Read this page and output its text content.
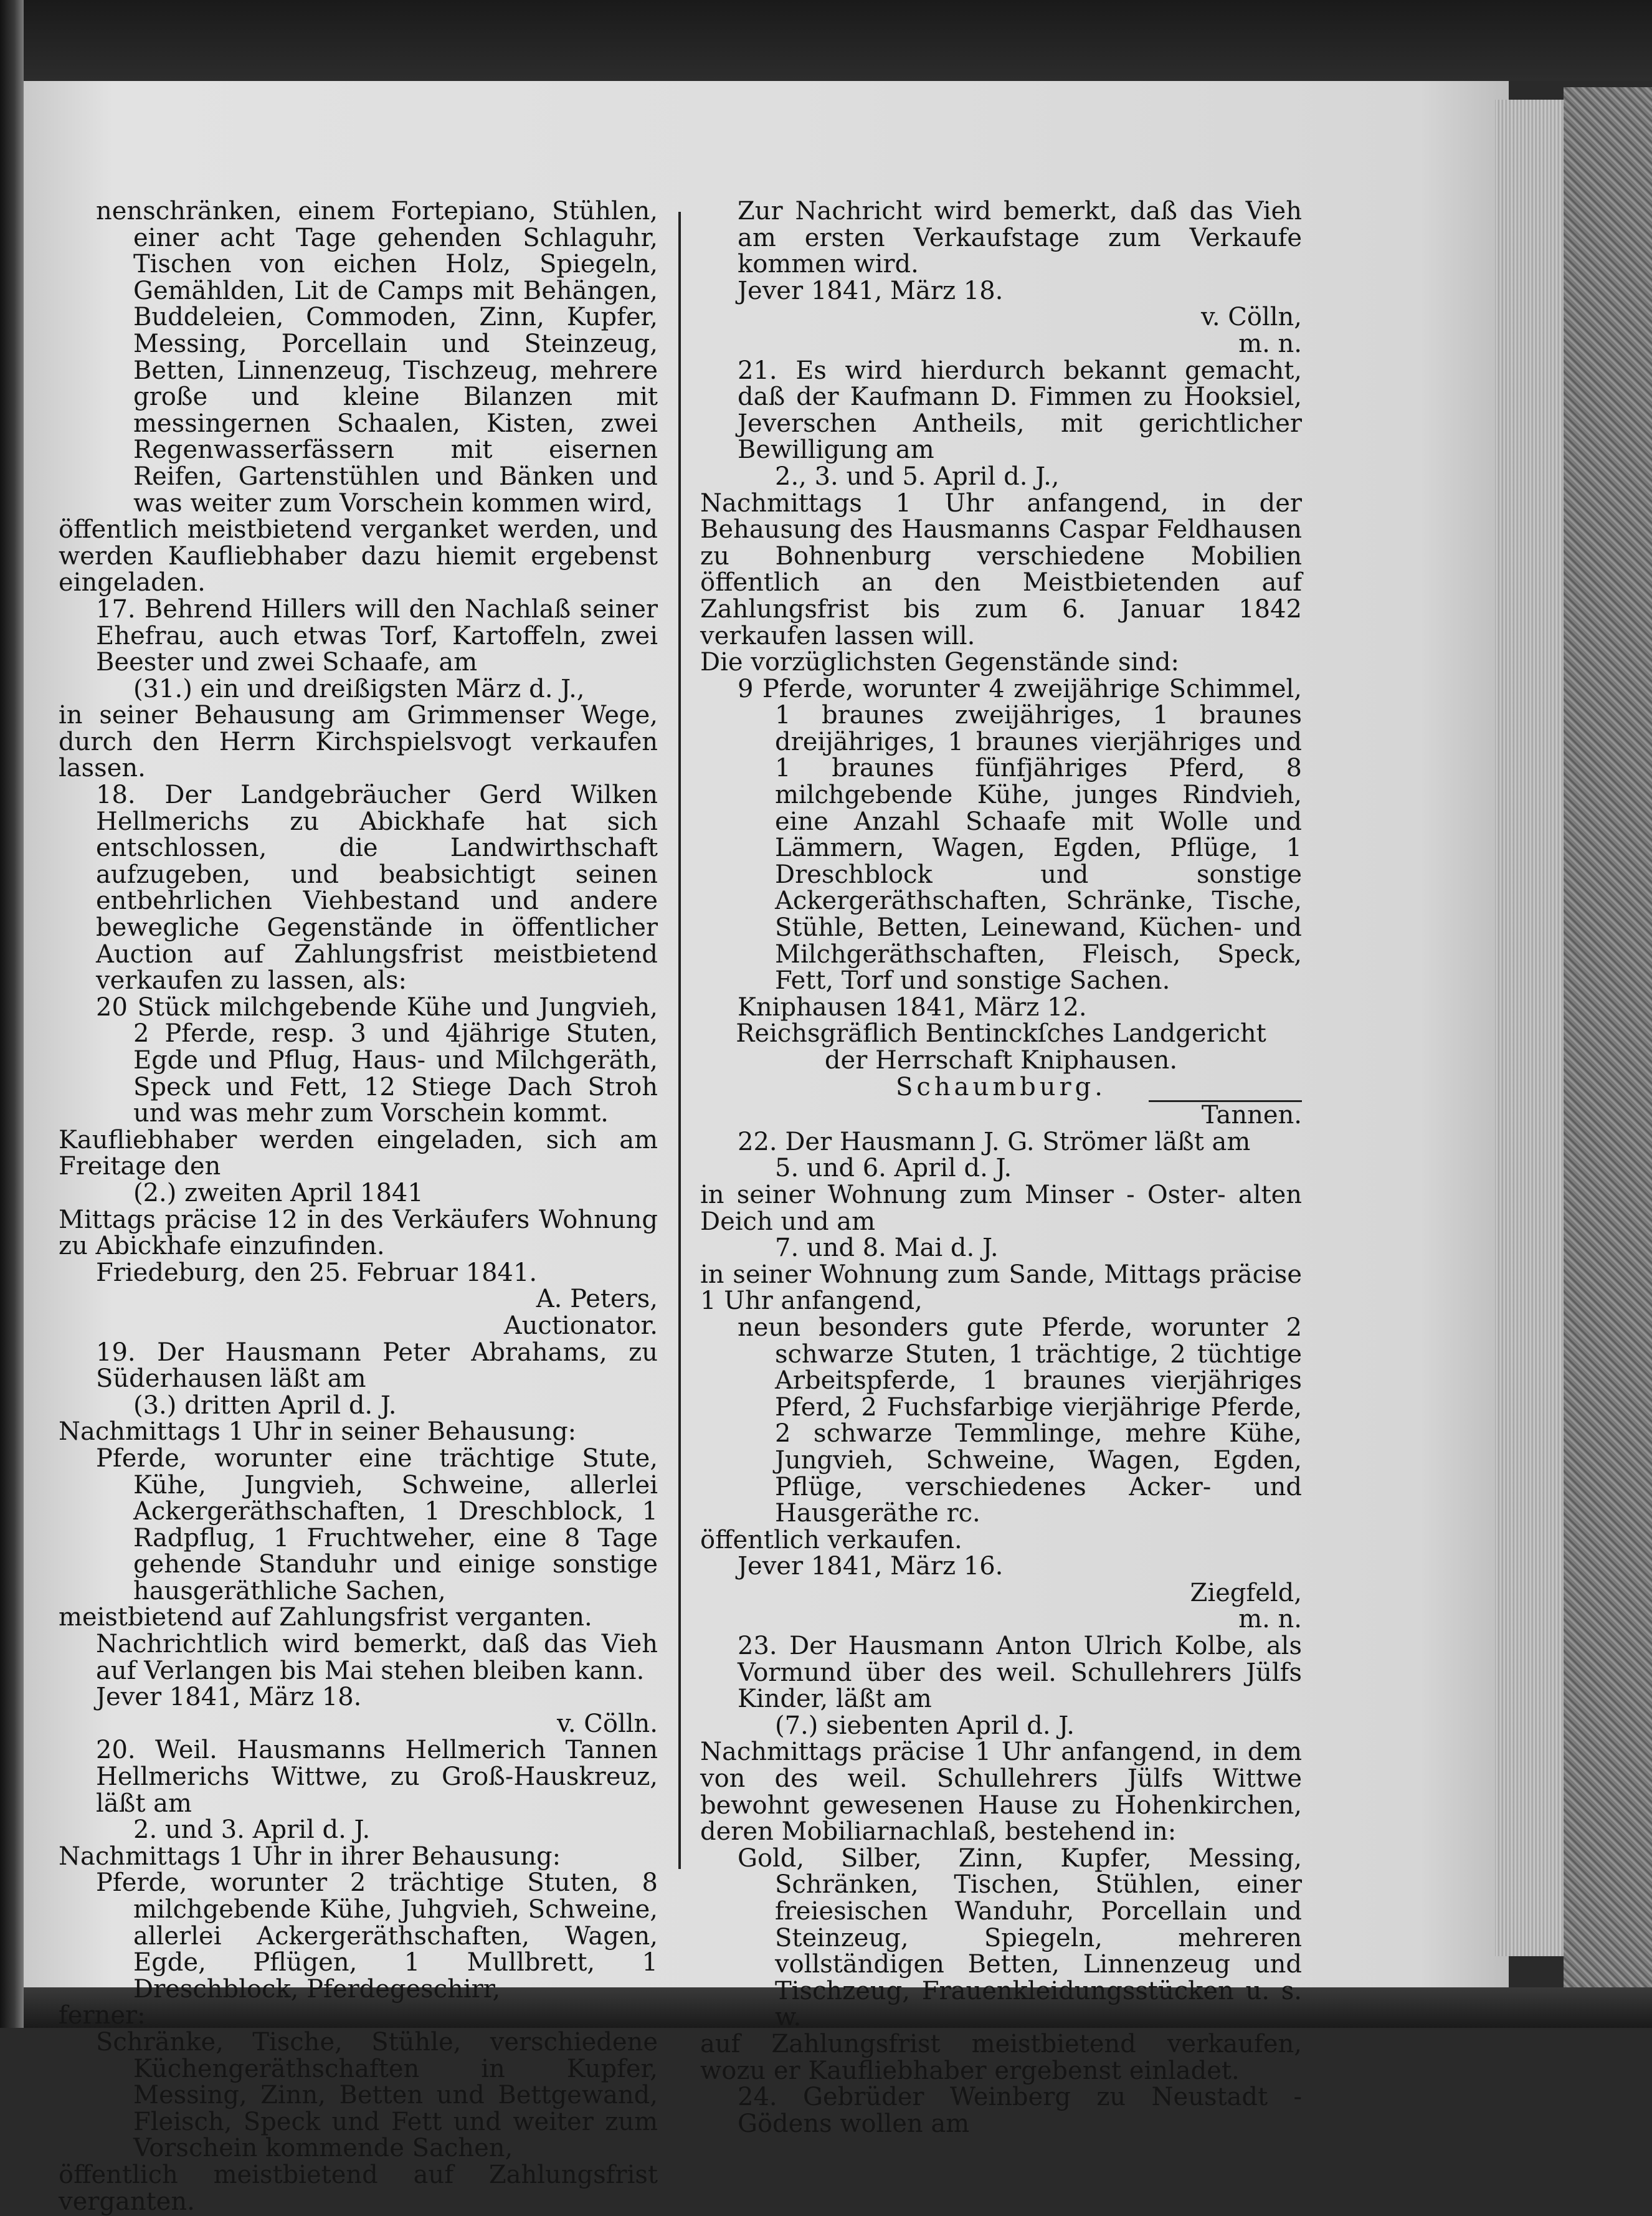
nenschränken, einem Fortepiano, Stühlen, einer acht Tage gehenden Schlaguhr, Tischen von eichen Holz, Spiegeln, Gemählden, Lit de Camps mit Behängen, Buddeleien, Commoden, Zinn, Kupfer, Messing, Porcellain und Steinzeug, Betten, Linnenzeug, Tischzeug, mehrere große und kleine Bilanzen mit messingernen Schaalen, Kisten, zwei Regenwasserfässern mit eisernen Reifen, Gartenstühlen und Bänken und was weiter zum Vorschein kommen wird,

öffentlich meistbietend verganket werden, und werden Kaufliebhaber dazu hiemit ergebenst eingeladen.

17. Behrend Hillers will den Nachlaß seiner Ehefrau, auch etwas Torf, Kartoffeln, zwei Beester und zwei Schaafe, am

(31.) ein und dreißigsten März d. J.,

in seiner Behausung am Grimmenser Wege, durch den Herrn Kirchspielsvogt verkaufen lassen.

18. Der Landgebräucher Gerd Wilken Hellmerichs zu Abickhafe hat sich entschlossen, die Landwirthschaft aufzugeben, und beabsichtigt seinen entbehrlichen Viehbestand und andere bewegliche Gegenstände in öffentlicher Auction auf Zahlungsfrist meistbietend verkaufen zu lassen, als:

20 Stück milchgebende Kühe und Jungvieh, 2 Pferde, resp. 3 und 4jährige Stuten, Egde und Pflug, Haus- und Milchgeräth, Speck und Fett, 12 Stiege Dach Stroh und was mehr zum Vorschein kommt.

Kaufliebhaber werden eingeladen, sich am Freitage den

(2.) zweiten April 1841

Mittags präcise 12 in des Verkäufers Wohnung zu Abickhafe einzufinden.

Friedeburg, den 25. Februar 1841.

A. Peters,

Auctionator.

19. Der Hausmann Peter Abrahams, zu Süderhausen läßt am

(3.) dritten April d. J.

Nachmittags 1 Uhr in seiner Behausung:

Pferde, worunter eine trächtige Stute, Kühe, Jungvieh, Schweine, allerlei Ackergeräthschaften, 1 Dreschblock, 1 Radpflug, 1 Fruchtweher, eine 8 Tage gehende Standuhr und einige sonstige hausgeräthliche Sachen,

meistbietend auf Zahlungsfrist verganten.

Nachrichtlich wird bemerkt, daß das Vieh auf Verlangen bis Mai stehen bleiben kann.

Jever 1841, März 18.

v. Cölln.

20. Weil. Hausmanns Hellmerich Tannen Hellmerichs Wittwe, zu Groß-Hauskreuz, läßt am

2. und 3. April d. J.

Nachmittags 1 Uhr in ihrer Behausung:

Pferde, worunter 2 trächtige Stuten, 8 milchgebende Kühe, Juhgvieh, Schweine, allerlei Ackergeräthschaften, Wagen, Egde, Pflügen, 1 Mullbrett, 1 Dreschblock, Pferdegeschirr,

ferner:

Schränke, Tische, Stühle, verschiedene Küchengeräthschaften in Kupfer, Messing, Zinn, Betten und Bettgewand, Fleisch, Speck und Fett und weiter zum Vorschein kommende Sachen,

öffentlich meistbietend auf Zahlungsfrist verganten.

Zur Nachricht wird bemerkt, daß das Vieh am ersten Verkaufstage zum Verkaufe kommen wird.

Jever 1841, März 18.

v. Cölln,

m. n.

21. Es wird hierdurch bekannt gemacht, daß der Kaufmann D. Fimmen zu Hooksiel, Jeverschen Antheils, mit gerichtlicher Bewilligung am

2., 3. und 5. April d. J.,

Nachmittags 1 Uhr anfangend, in der Behausung des Hausmanns Caspar Feldhausen zu Bohnenburg verschiedene Mobilien öffentlich an den Meistbietenden auf Zahlungsfrist bis zum 6. Januar 1842 verkaufen lassen will.

Die vorzüglichsten Gegenstände sind:

9 Pferde, worunter 4 zweijährige Schimmel, 1 braunes zweijähriges, 1 braunes dreijähriges, 1 braunes vierjähriges und 1 braunes fünfjähriges Pferd, 8 milchgebende Kühe, junges Rindvieh, eine Anzahl Schaafe mit Wolle und Lämmern, Wagen, Egden, Pflüge, 1 Dreschblock und sonstige Ackergeräthschaften, Schränke, Tische, Stühle, Betten, Leinewand, Küchen- und Milchgeräthschaften, Fleisch, Speck, Fett, Torf und sonstige Sachen.

Kniphausen 1841, März 12.

Reichsgräflich Bentinckſches Landgericht

der Herrschaft Kniphausen.

Schaumburg.

Tannen.

22. Der Hausmann J. G. Strömer läßt am

5. und 6. April d. J.

in seiner Wohnung zum Minser - Oster- alten Deich und am

7. und 8. Mai d. J.

in seiner Wohnung zum Sande, Mittags präcise 1 Uhr anfangend,

neun besonders gute Pferde, worunter 2 schwarze Stuten, 1 trächtige, 2 tüchtige Arbeitspferde, 1 braunes vierjähriges Pferd, 2 Fuchsfarbige vierjährige Pferde, 2 schwarze Temmlinge, mehre Kühe, Jungvieh, Schweine, Wagen, Egden, Pflüge, verschiedenes Acker- und Hausgeräthe rc.

öffentlich verkaufen.

Jever 1841, März 16.

Ziegfeld,

m. n.

23. Der Hausmann Anton Ulrich Kolbe, als Vormund über des weil. Schullehrers Jülfs Kinder, läßt am

(7.) siebenten April d. J.

Nachmittags präcise 1 Uhr anfangend, in dem von des weil. Schullehrers Jülfs Wittwe bewohnt gewesenen Hause zu Hohenkirchen, deren Mobiliarnachlaß, bestehend in:

Gold, Silber, Zinn, Kupfer, Messing, Schränken, Tischen, Stühlen, einer freiesischen Wanduhr, Porcellain und Steinzeug, Spiegeln, mehreren vollständigen Betten, Linnenzeug und Tischzeug, Frauenkleidungsstücken u. s. w.

auf Zahlungsfrist meistbietend verkaufen, wozu er Kaufliebhaber ergebenst einladet.

24. Gebrüder Weinberg zu Neustadt - Gödens wollen am
